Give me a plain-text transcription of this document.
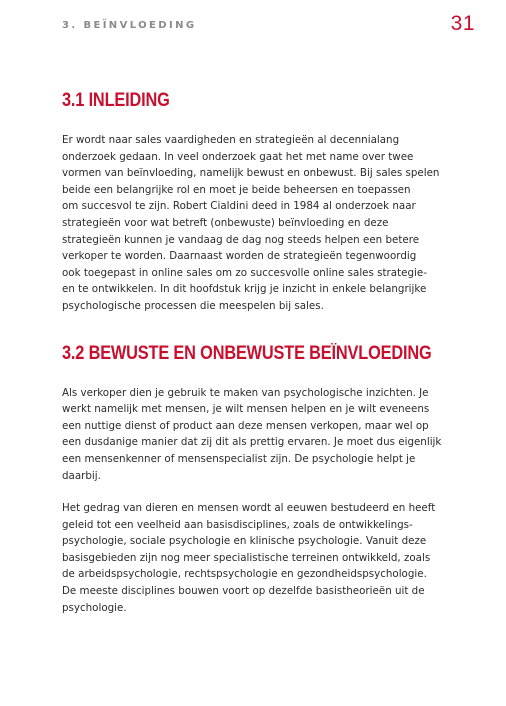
3. BEÏNVLOEDING	31
3.1 INLEIDING

Er wordt naar sales vaardigheden en strategieën al decennialang
onderzoek gedaan. In veel onderzoek gaat het met name over twee
vormen van beïnvloeding, namelijk bewust en onbewust. Bij sales spelen
beide een belangrijke rol en moet je beide beheersen en toepassen
om succesvol te zijn. Robert Cialdini deed in 1984 al onderzoek naar
strategieën voor wat betreft (onbewuste) beïnvloeding en deze
strategieën kunnen je vandaag de dag nog steeds helpen een betere
verkoper te worden. Daarnaast worden de strategieën tegenwoordig
ook toegepast in online sales om zo succesvolle online sales strategie-
en te ontwikkelen. In dit hoofdstuk krijg je inzicht in enkele belangrijke
psychologische processen die meespelen bij sales.

3.2 BEWUSTE EN ONBEWUSTE BEÏNVLOEDING

Als verkoper dien je gebruik te maken van psychologische inzichten. Je
werkt namelijk met mensen, je wilt mensen helpen en je wilt eveneens
een nuttige dienst of product aan deze mensen verkopen, maar wel op
een dusdanige manier dat zij dit als prettig ervaren. Je moet dus eigenlijk
een mensenkenner of mensenspecialist zijn. De psychologie helpt je
daarbij.

Het gedrag van dieren en mensen wordt al eeuwen bestudeerd en heeft
geleid tot een veelheid aan basisdisciplines, zoals de ontwikkelings-
psychologie, sociale psychologie en klinische psychologie. Vanuit deze
basisgebieden zijn nog meer specialistische terreinen ontwikkeld, zoals
de arbeidspsychologie, rechtspsychologie en gezondheidspsychologie.
De meeste disciplines bouwen voort op dezelfde basistheorieën uit de
psychologie.
